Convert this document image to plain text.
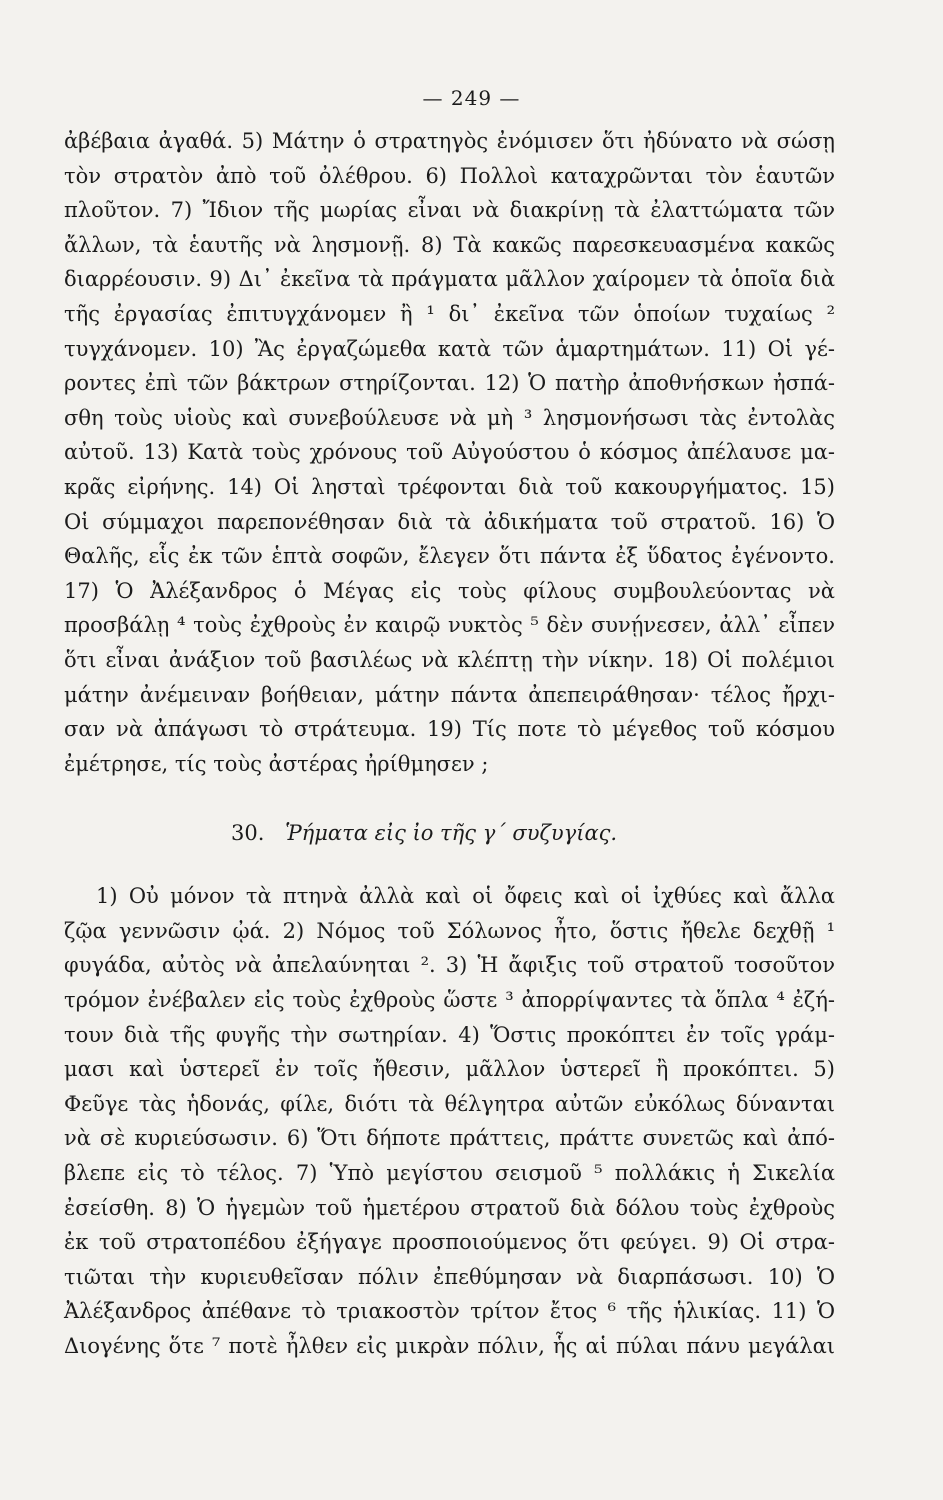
— 249 —
ἀβέβαια ἀγαθά. 5) Μάτην ὁ στρατηγὸς ἐνόμισεν ὅτι ἠδύνατο νὰ σώσῃ
τὸν στρατὸν ἀπὸ τοῦ ὀλέθρου. 6) Πολλοὶ καταχρῶνται τὸν ἑαυτῶν
πλοῦτον. 7) Ἴδιον τῆς μωρίας εἶναι νὰ διακρίνῃ τὰ ἐλαττώματα τῶν
ἄλλων, τὰ ἑαυτῆς νὰ λησμονῇ. 8) Τὰ κακῶς παρεσκευασμένα κακῶς
διαρρέουσιν. 9) Δι᾿ ἐκεῖνα τὰ πράγματα μᾶλλον χαίρομεν τὰ ὁποῖα διὰ
τῆς ἐργασίας ἐπιτυγχάνομεν ἢ ¹ δι᾿ ἐκεῖνα τῶν ὁποίων τυχαίως ²
τυγχάνομεν. 10) Ἂς ἐργαζώμεθα κατὰ τῶν ἁμαρτημάτων. 11) Οἱ γέ-
ροντες ἐπὶ τῶν βάκτρων στηρίζονται. 12) Ὁ πατὴρ ἀποθνήσκων ἠσπά-
σθη τοὺς υἱοὺς καὶ συνεβούλευσε νὰ μὴ ³ λησμονήσωσι τὰς ἐντολὰς
αὐτοῦ. 13) Κατὰ τοὺς χρόνους τοῦ Αὐγούστου ὁ κόσμος ἀπέλαυσε μα-
κρᾶς εἰρήνης. 14) Οἱ λησταὶ τρέφονται διὰ τοῦ κακουργήματος. 15)
Οἱ σύμμαχοι παρεπονέθησαν διὰ τὰ ἀδικήματα τοῦ στρατοῦ. 16) Ὁ
Θαλῆς, εἷς ἐκ τῶν ἑπτὰ σοφῶν, ἔλεγεν ὅτι πάντα ἐξ ὕδατος ἐγένοντο.
17) Ὁ Ἀλέξανδρος ὁ Μέγας εἰς τοὺς φίλους συμβουλεύοντας νὰ
προσβάλῃ ⁴ τοὺς ἐχθροὺς ἐν καιρῷ νυκτὸς ⁵ δὲν συνῄνεσεν, ἀλλ᾿ εἶπεν
ὅτι εἶναι ἀνάξιον τοῦ βασιλέως νὰ κλέπτῃ τὴν νίκην. 18) Οἱ πολέμιοι
μάτην ἀνέμειναν βοήθειαν, μάτην πάντα ἀπεπειράθησαν· τέλος ἤρχι-
σαν νὰ ἀπάγωσι τὸ στράτευμα. 19) Τίς ποτε τὸ μέγεθος τοῦ κόσμου
ἐμέτρησε, τίς τοὺς ἀστέρας ἠρίθμησεν ;
30. Ῥήματα εἰς ἰο τῆς γ΄ συζυγίας.
1) Οὐ μόνον τὰ πτηνὰ ἀλλὰ καὶ οἱ ὄφεις καὶ οἱ ἰχθύες καὶ ἄλλα
ζῷα γεννῶσιν ᾠά. 2) Νόμος τοῦ Σόλωνος ἦτο, ὅστις ἤθελε δεχθῇ ¹
φυγάδα, αὐτὸς νὰ ἀπελαύνηται ². 3) Ἡ ἄφιξις τοῦ στρατοῦ τοσοῦτον
τρόμον ἐνέβαλεν εἰς τοὺς ἐχθροὺς ὥστε ³ ἀπορρίψαντες τὰ ὅπλα ⁴ ἐζή-
τουν διὰ τῆς φυγῆς τὴν σωτηρίαν. 4) Ὅστις προκόπτει ἐν τοῖς γράμ-
μασι καὶ ὑστερεῖ ἐν τοῖς ἤθεσιν, μᾶλλον ὑστερεῖ ἢ προκόπτει. 5)
Φεῦγε τὰς ἡδονάς, φίλε, διότι τὰ θέλγητρα αὐτῶν εὐκόλως δύνανται
νὰ σὲ κυριεύσωσιν. 6) Ὅτι δήποτε πράττεις, πράττε συνετῶς καὶ ἀπό-
βλεπε εἰς τὸ τέλος. 7) Ὑπὸ μεγίστου σεισμοῦ ⁵ πολλάκις ἡ Σικελία
ἐσείσθη. 8) Ὁ ἡγεμὼν τοῦ ἡμετέρου στρατοῦ διὰ δόλου τοὺς ἐχθροὺς
ἐκ τοῦ στρατοπέδου ἐξήγαγε προσποιούμενος ὅτι φεύγει. 9) Οἱ στρα-
τιῶται τὴν κυριευθεῖσαν πόλιν ἐπεθύμησαν νὰ διαρπάσωσι. 10) Ὁ
Ἀλέξανδρος ἀπέθανε τὸ τριακοστὸν τρίτον ἔτος ⁶ τῆς ἡλικίας. 11) Ὁ
Διογένης ὅτε ⁷ ποτὲ ἦλθεν εἰς μικρὰν πόλιν, ἧς αἱ πύλαι πάνυ μεγάλαι
